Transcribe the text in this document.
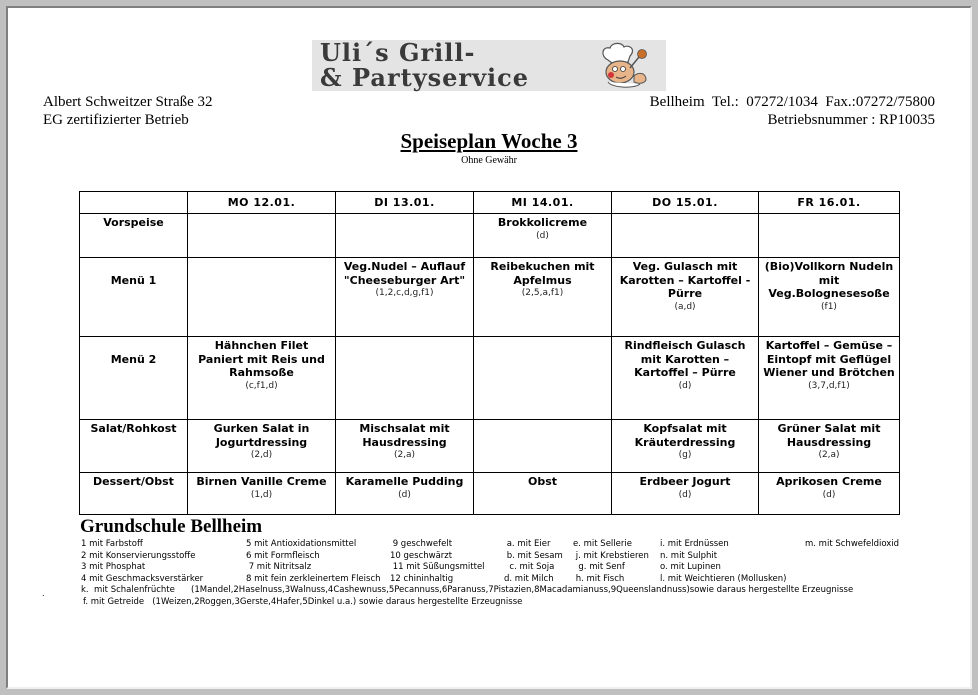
Uli´s Grill-
& Partyservice
Albert Schweitzer Straße 32
EG zertifizierter Betrieb
Bellheim  Tel.:  07272/1034  Fax.:07272/75800
Betriebsnummer : RP10035
Speiseplan Woche 3
Ohne Gewähr
	MO 12.01.	DI 13.01.	MI 14.01.	DO 15.01.	FR 16.01.
Vorspeise			Brokkolicreme
(d)		

Menü 1		Veg.Nudel – Auflauf "Cheeseburger Art"
(1,2,c,d,g,f1)	Reibekuchen mit Apfelmus
(2,5,a,f1)	Veg. Gulasch mit Karotten – Kartoffel - Pürre
(a,d)	(Bio)Vollkorn Nudeln mit Veg.Bolognesesoße
(f1)

Menü 2	Hähnchen Filet Paniert mit Reis und Rahmsoße
(c,f1,d)			Rindfleisch Gulasch mit Karotten – Kartoffel – Pürre
(d)	Kartoffel – Gemüse – Eintopf mit Geflügel Wiener und Brötchen
(3,7,d,f1)

Salat/Rohkost	Gurken Salat in Jogurtdressing
(2,d)	Mischsalat mit Hausdressing
(2,a)		Kopfsalat mit Kräuterdressing
(g)	Grüner Salat mit Hausdressing
(2,a)

Dessert/Obst	Birnen Vanille Creme
(1,d)	Karamelle Pudding
(d)	Obst	Erdbeer Jogurt
(d)	Aprikosen Creme
(d)
Grundschule Bellheim
1 mit Farbstoff
2 mit Konservierungsstoffe
3 mit Phosphat
4 mit Geschmacksverstärker
5 mit Antioxidationsmittel
6 mit Formfleisch
7 mit Nitritsalz
8 mit fein zerkleinertem Fleisch
9 geschwefelt
10 geschwärzt
11 mit Süßungsmittel
12 chininhaltig
a. mit Eier
b. mit Sesam
c. mit Soja
d. mit Milch
e. mit Sellerie
j. mit Krebstieren
g. mit Senf
h. mit Fisch
i. mit Erdnüssen
n. mit Sulphit
o. mit Lupinen
l. mit Weichtieren (Mollusken)
m. mit Schwefeldioxid
k.  mit Schalenfrüchte      (1Mandel,2Haselnuss,3Walnuss,4Cashewnuss,5Pecannuss,6Paranuss,7Pistazien,8Macadamianuss,9Queenslandnuss)sowie daraus hergestellte Erzeugnisse
f. mit Getreide   (1Weizen,2Roggen,3Gerste,4Hafer,5Dinkel u.a.) sowie daraus hergestellte Erzeugnisse
.
